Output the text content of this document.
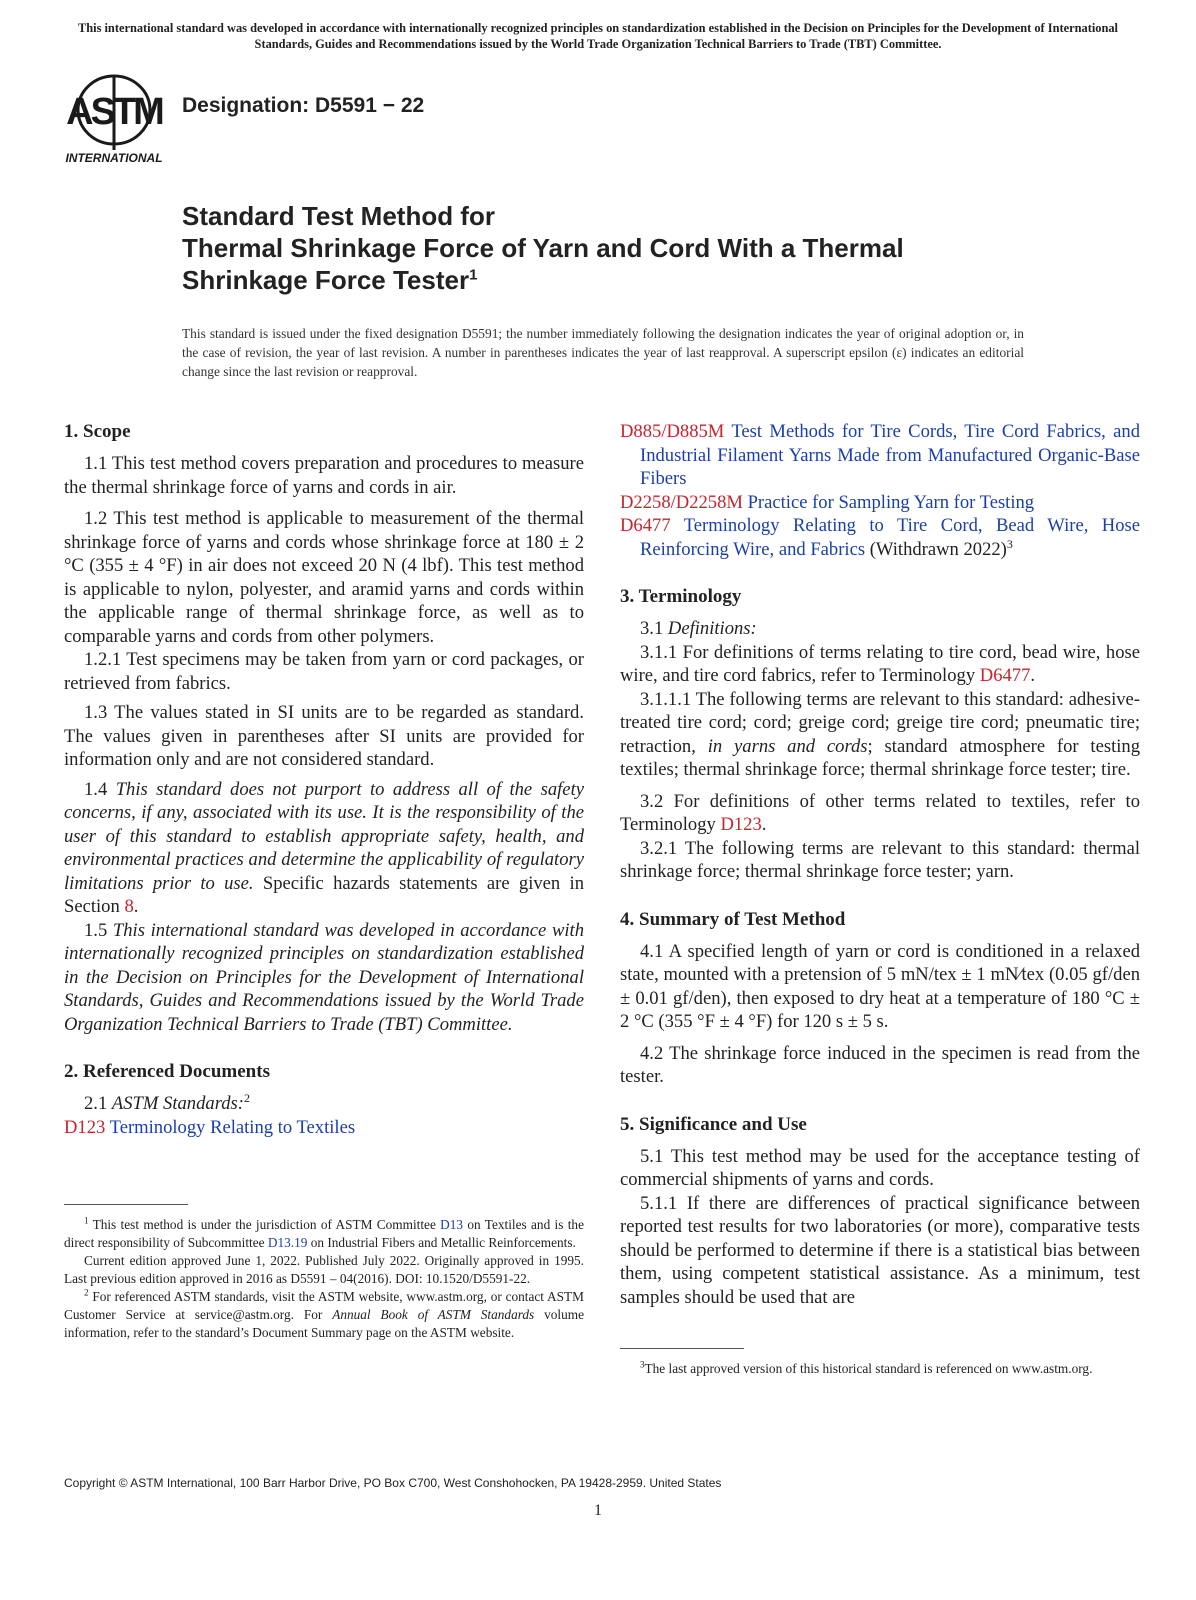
This international standard was developed in accordance with internationally recognized principles on standardization established in the Decision on Principles for the Development of International Standards, Guides and Recommendations issued by the World Trade Organization Technical Barriers to Trade (TBT) Committee.
ASTM
INTERNATIONAL
Designation: D5591 − 22
Standard Test Method for
Thermal Shrinkage Force of Yarn and Cord With a Thermal
Shrinkage Force Tester$^1$
This standard is issued under the fixed designation D5591; the number immediately following the designation indicates the year of original adoption or, in the case of revision, the year of last revision. A number in parentheses indicates the year of last reapproval. A superscript epsilon (ε) indicates an editorial change since the last revision or reapproval.
1. Scope

1.1 This test method covers preparation and procedures to measure the thermal shrinkage force of yarns and cords in air.

1.2 This test method is applicable to measurement of the thermal shrinkage force of yarns and cords whose shrinkage force at 180 ± 2 °C (355 ± 4 °F) in air does not exceed 20 N (4 lbf). This test method is applicable to nylon, polyester, and aramid yarns and cords within the applicable range of thermal shrinkage force, as well as to comparable yarns and cords from other polymers.

1.2.1 Test specimens may be taken from yarn or cord packages, or retrieved from fabrics.

1.3 The values stated in SI units are to be regarded as standard. The values given in parentheses after SI units are provided for information only and are not considered standard.

1.4 This standard does not purport to address all of the safety concerns, if any, associated with its use. It is the responsibility of the user of this standard to establish appropriate safety, health, and environmental practices and determine the applicability of regulatory limitations prior to use. Specific hazards statements are given in Section 8.

1.5 This international standard was developed in accordance with internationally recognized principles on standardization established in the Decision on Principles for the Development of International Standards, Guides and Recommendations issued by the World Trade Organization Technical Barriers to Trade (TBT) Committee.

2. Referenced Documents

2.1 ASTM Standards:$^2$

D123 Terminology Relating to Textiles

D885/D885M Test Methods for Tire Cords, Tire Cord Fabrics, and Industrial Filament Yarns Made from Manufactured Organic-Base Fibers

D2258/D2258M Practice for Sampling Yarn for Testing

D6477 Terminology Relating to Tire Cord, Bead Wire, Hose Reinforcing Wire, and Fabrics (Withdrawn 2022)$^3$

3. Terminology

3.1 Definitions:

3.1.1 For definitions of terms relating to tire cord, bead wire, hose wire, and tire cord fabrics, refer to Terminology D6477.

3.1.1.1 The following terms are relevant to this standard: adhesive-treated tire cord; cord; greige cord; greige tire cord; pneumatic tire; retraction, in yarns and cords; standard atmosphere for testing textiles; thermal shrinkage force; thermal shrinkage force tester; tire.

3.2 For definitions of other terms related to textiles, refer to Terminology D123.

3.2.1 The following terms are relevant to this standard: thermal shrinkage force; thermal shrinkage force tester; yarn.

4. Summary of Test Method

4.1 A specified length of yarn or cord is conditioned in a relaxed state, mounted with a pretension of 5 mN/tex ± 1 mN⁄tex (0.05 gf/den ± 0.01 gf/den), then exposed to dry heat at a temperature of 180 °C ± 2 °C (355 °F ± 4 °F) for 120 s ± 5 s.

4.2 The shrinkage force induced in the specimen is read from the tester.

5. Significance and Use

5.1 This test method may be used for the acceptance testing of commercial shipments of yarns and cords.

5.1.1 If there are differences of practical significance between reported test results for two laboratories (or more), comparative tests should be performed to determine if there is a statistical bias between them, using competent statistical assistance. As a minimum, test samples should be used that are

$^1$ This test method is under the jurisdiction of ASTM Committee D13 on Textiles and is the direct responsibility of Subcommittee D13.19 on Industrial Fibers and Metallic Reinforcements.

Current edition approved June 1, 2022. Published July 2022. Originally approved in 1995. Last previous edition approved in 2016 as D5591 – 04(2016). DOI: 10.1520/D5591-22.

$^2$ For referenced ASTM standards, visit the ASTM website, www.astm.org, or contact ASTM Customer Service at service@astm.org. For Annual Book of ASTM Standards volume information, refer to the standard’s Document Summary page on the ASTM website.

$^3$The last approved version of this historical standard is referenced on www.astm.org.

Copyright © ASTM International, 100 Barr Harbor Drive, PO Box C700, West Conshohocken, PA 19428-2959. United States
1
